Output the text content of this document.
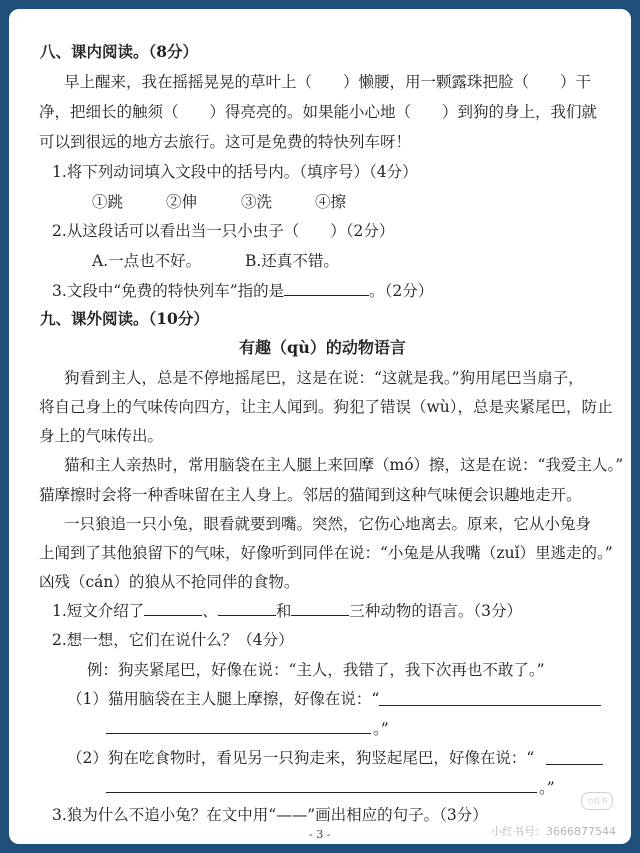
八、课内阅读。（8分）
早上醒来，我在摇摇晃晃的草叶上（　　）懒腰，用一颗露珠把脸（　　）干
净，把细长的触须（　　）得亮亮的。如果能小心地（　　）到狗的身上，我们就
可以到很远的地方去旅行。这可是免费的特快列车呀！
1.将下列动词填入文段中的括号内。（填序号）（4分）
①跳	②伸	③洗	④擦
2.从这段话可以看出当一只小虫子（　　）（2分）
A.一点也不好。	B.还真不错。
3.文段中“免费的特快列车”指的是	。（2分）
九、课外阅读。（10分）
有趣（qù）的动物语言
狗看到主人，总是不停地摇尾巴，这是在说：“这就是我。”狗用尾巴当扇子，
将自己身上的气味传向四方，让主人闻到。狗犯了错误（wù），总是夹紧尾巴，防止
身上的气味传出。
猫和主人亲热时，常用脑袋在主人腿上来回摩（mó）擦，这是在说：“我爱主人。”
猫摩擦时会将一种香味留在主人身上。邻居的猫闻到这种气味便会识趣地走开。
一只狼追一只小兔，眼看就要到嘴。突然，它伤心地离去。原来，它从小兔身
上闻到了其他狼留下的气味，好像听到同伴在说：“小兔是从我嘴（zuǐ）里逃走的。”
凶残（cán）的狼从不抢同伴的食物。
1.短文介绍了	、	和	三种动物的语言。（3分）
2.想一想，它们在说什么？（4分）
例：狗夹紧尾巴，好像在说：“主人，我错了，我下次再也不敢了。”
（1）猫用脑袋在主人腿上摩擦，好像在说：“
。”
（2）狗在吃食物时，看见另一只狗走来，狗竖起尾巴，好像在说：“
。”
3.狼为什么不追小兔？在文中用“——”画出相应的句子。（3分）
- 3 -
小红书
小红书号：3666877544
